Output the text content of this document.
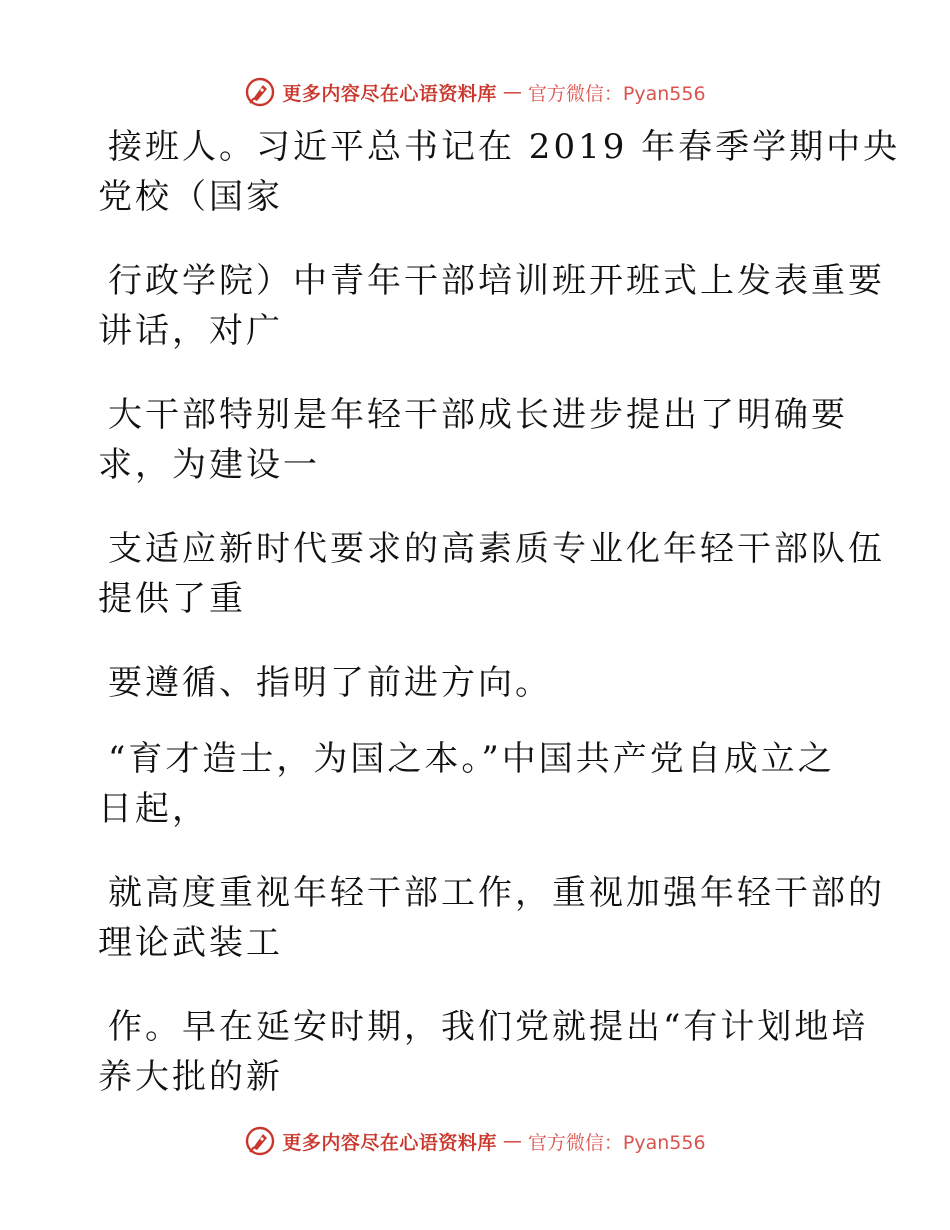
更多内容尽在心语资料库 — 官方微信：Pyan556
接班人。习近平总书记在 2019 年春季学期中央
党校（国家
行政学院）中青年干部培训班开班式上发表重要
讲话，对广
大干部特别是年轻干部成长进步提出了明确要
求，为建设一
支适应新时代要求的高素质专业化年轻干部队伍
提供了重
要遵循、指明了前进方向。
“育才造士，为国之本。”中国共产党自成立之
日起，
就高度重视年轻干部工作，重视加强年轻干部的
理论武装工
作。早在延安时期，我们党就提出“有计划地培
养大批的新
更多内容尽在心语资料库 — 官方微信：Pyan556
